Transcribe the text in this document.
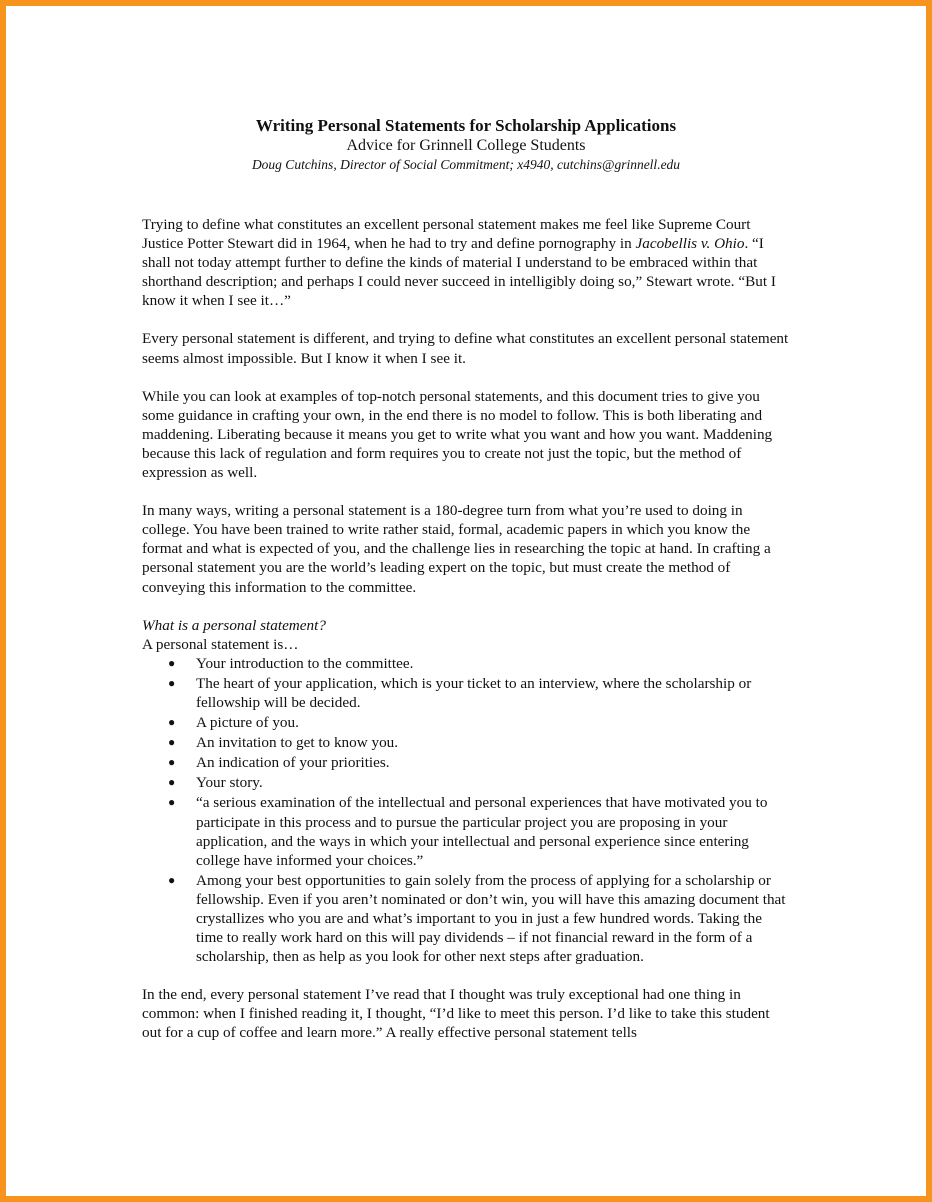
Writing Personal Statements for Scholarship Applications
Advice for Grinnell College Students
Doug Cutchins, Director of Social Commitment; x4940, cutchins@grinnell.edu

Trying to define what constitutes an excellent personal statement makes me feel like Supreme Court Justice Potter Stewart did in 1964, when he had to try and define pornography in Jacobellis v. Ohio. “I shall not today attempt further to define the kinds of material I understand to be embraced within that shorthand description; and perhaps I could never succeed in intelligibly doing so,” Stewart wrote. “But I know it when I see it…”

Every personal statement is different, and trying to define what constitutes an excellent personal statement seems almost impossible. But I know it when I see it.

While you can look at examples of top-notch personal statements, and this document tries to give you some guidance in crafting your own, in the end there is no model to follow. This is both liberating and maddening. Liberating because it means you get to write what you want and how you want. Maddening because this lack of regulation and form requires you to create not just the topic, but the method of expression as well.

In many ways, writing a personal statement is a 180-degree turn from what you’re used to doing in college. You have been trained to write rather staid, formal, academic papers in which you know the format and what is expected of you, and the challenge lies in researching the topic at hand. In crafting a personal statement you are the world’s leading expert on the topic, but must create the method of conveying this information to the committee.

What is a personal statement?
A personal statement is…
● Your introduction to the committee.
● The heart of your application, which is your ticket to an interview, where the scholarship or fellowship will be decided.
● A picture of you.
● An invitation to get to know you.
● An indication of your priorities.
● Your story.
● “a serious examination of the intellectual and personal experiences that have motivated you to participate in this process and to pursue the particular project you are proposing in your application, and the ways in which your intellectual and personal experience since entering college have informed your choices.”
● Among your best opportunities to gain solely from the process of applying for a scholarship or fellowship. Even if you aren’t nominated or don’t win, you will have this amazing document that crystallizes who you are and what’s important to you in just a few hundred words. Taking the time to really work hard on this will pay dividends – if not financial reward in the form of a scholarship, then as help as you look for other next steps after graduation.

In the end, every personal statement I’ve read that I thought was truly exceptional had one thing in common: when I finished reading it, I thought, “I’d like to meet this person. I’d like to take this student out for a cup of coffee and learn more.” A really effective personal statement tells
